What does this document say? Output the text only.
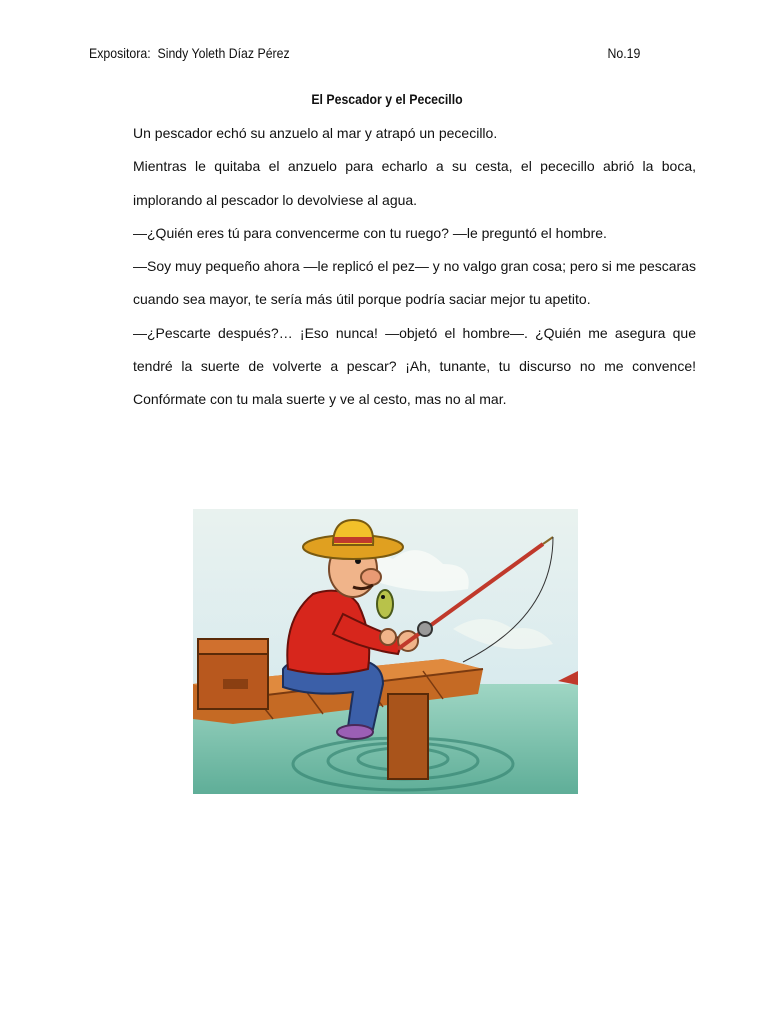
Expositora: Sindy Yoleth Díaz Pérez	No.19
El Pescador y el Pececillo

Un pescador echó su anzuelo al mar y atrapó un pececillo.

Mientras le quitaba el anzuelo para echarlo a su cesta, el pececillo abrió la boca, implorando al pescador lo devolviese al agua.

—¿Quién eres tú para convencerme con tu ruego? —le preguntó el hombre.

—Soy muy pequeño ahora —le replicó el pez— y no valgo gran cosa; pero si me pescaras cuando sea mayor, te sería más útil porque podría saciar mejor tu apetito.

—¿Pescarte después?… ¡Eso nunca! —objetó el hombre—. ¿Quién me asegura que tendré la suerte de volverte a pescar? ¡Ah, tunante, tu discurso no me convence! Confórmate con tu mala suerte y ve al cesto, mas no al mar.
